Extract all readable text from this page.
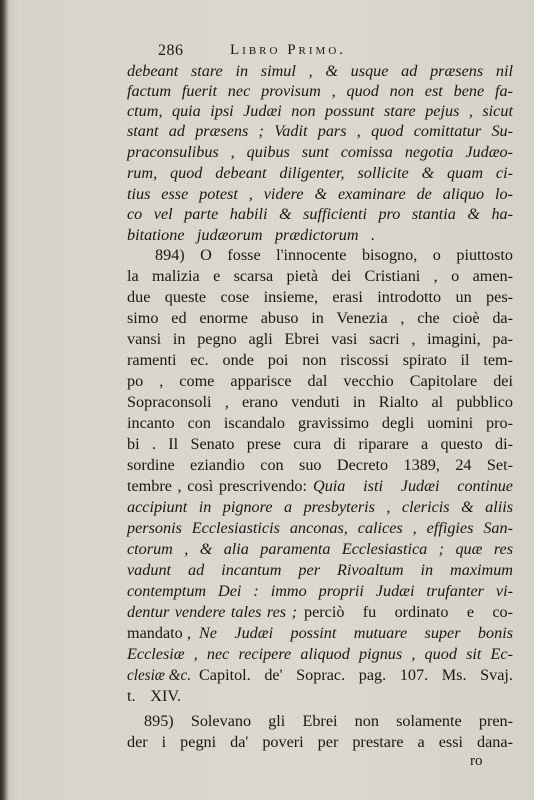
286	Libro Primo.
debeant stare in simul , & usque ad præsens nil
factum fuerit nec provisum , quod non est bene fa-
ctum, quia ipsi Judæi non possunt stare pejus , sicut
stant ad præsens ; Vadit pars , quod comittatur Su-
praconsulibus , quibus sunt comissa negotia Judæo-
rum, quod debeant diligenter, sollicite & quam ci-
tius esse potest , videre & examinare de aliquo lo-
co vel parte habili & sufficienti pro stantia & ha-
bitatione judæorum prædictorum .
894) O fosse l'innocente bisogno, o piuttosto
la malizia e scarsa pietà dei Cristiani , o amen-
due queste cose insieme, erasi introdotto un pes-
simo ed enorme abuso in Venezia , che cioè da-
vansi in pegno agli Ebrei vasi sacri , imagini, pa-
ramenti ec. onde poi non riscossi spirato il tem-
po , come apparisce dal vecchio Capitolare dei
Sopraconsoli , erano venduti in Rialto al pubblico
incanto con iscandalo gravissimo degli uomini pro-
bi . Il Senato prese cura di riparare a questo di-
sordine eziandio con suo Decreto 1389, 24 Set-
tembre , così prescrivendo: Quia isti Judæi continue
accipiunt in pignore a presbyteris , clericis & aliis
personis Ecclesiasticis anconas, calices , effigies San-
ctorum , & alia paramenta Ecclesiastica ; quæ res
vadunt ad incantum per Rivoaltum in maximum
contemptum Dei : immo proprii Judæi trufanter vi-
dentur vendere tales res ; perciò fu ordinato e co-
mandato , Ne Judæi possint mutuare super bonis
Ecclesiæ , nec recipere aliquod pignus , quod sit Ec-
clesiæ &c. Capitol. de' Soprac. pag. 107. Ms. Svaj.
t. XIV.
895) Solevano gli Ebrei non solamente pren-
der i pegni da' poveri per prestare a essi dana-
ro
